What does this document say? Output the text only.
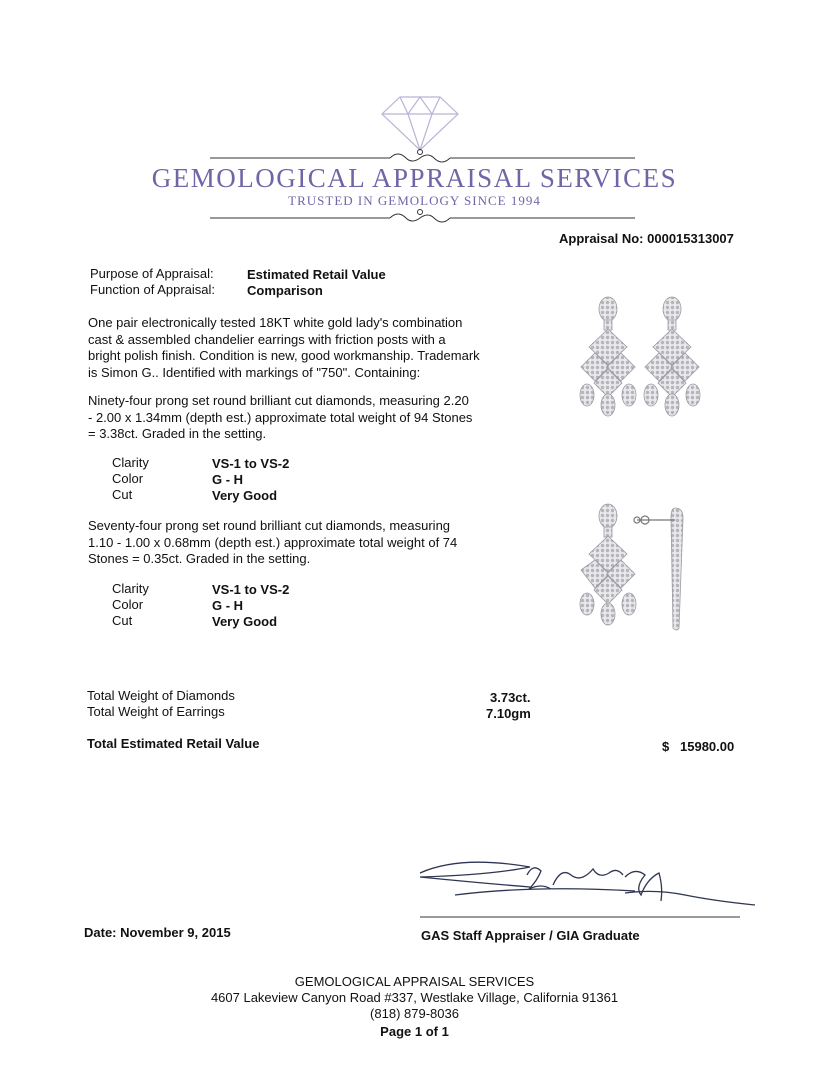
GEMOLOGICAL APPRAISAL SERVICES
TRUSTED IN GEMOLOGY SINCE 1994
Appraisal No: 000015313007
Purpose of Appraisal:	Estimated Retail Value
Function of Appraisal: Comparison
One pair electronically tested 18KT white gold lady's combination
cast & assembled chandelier earrings with friction posts with a
bright polish finish. Condition is new, good workmanship. Trademark
is Simon G.. Identified with markings of "750". Containing:
Ninety-four prong set round brilliant cut diamonds, measuring 2.20
- 2.00 x 1.34mm (depth est.) approximate total weight of 94 Stones
= 3.38ct. Graded in the setting.
Clarity	VS-1 to VS-2
Color	G - H
Cut	Very Good
Seventy-four prong set round brilliant cut diamonds, measuring
1.10 - 1.00 x 0.68mm (depth est.) approximate total weight of 74
Stones = 0.35ct. Graded in the setting.
Clarity	VS-1 to VS-2
Color	G - H
Cut	Very Good
Total Weight of Diamonds	3.73ct.
Total Weight of Earrings	7.10gm
Total Estimated Retail Value	$ 15980.00
Date: November 9, 2015	GAS Staff Appraiser / GIA Graduate
GEMOLOGICAL APPRAISAL SERVICES
4607 Lakeview Canyon Road #337, Westlake Village, California 91361
(818) 879-8036
Page 1 of 1
